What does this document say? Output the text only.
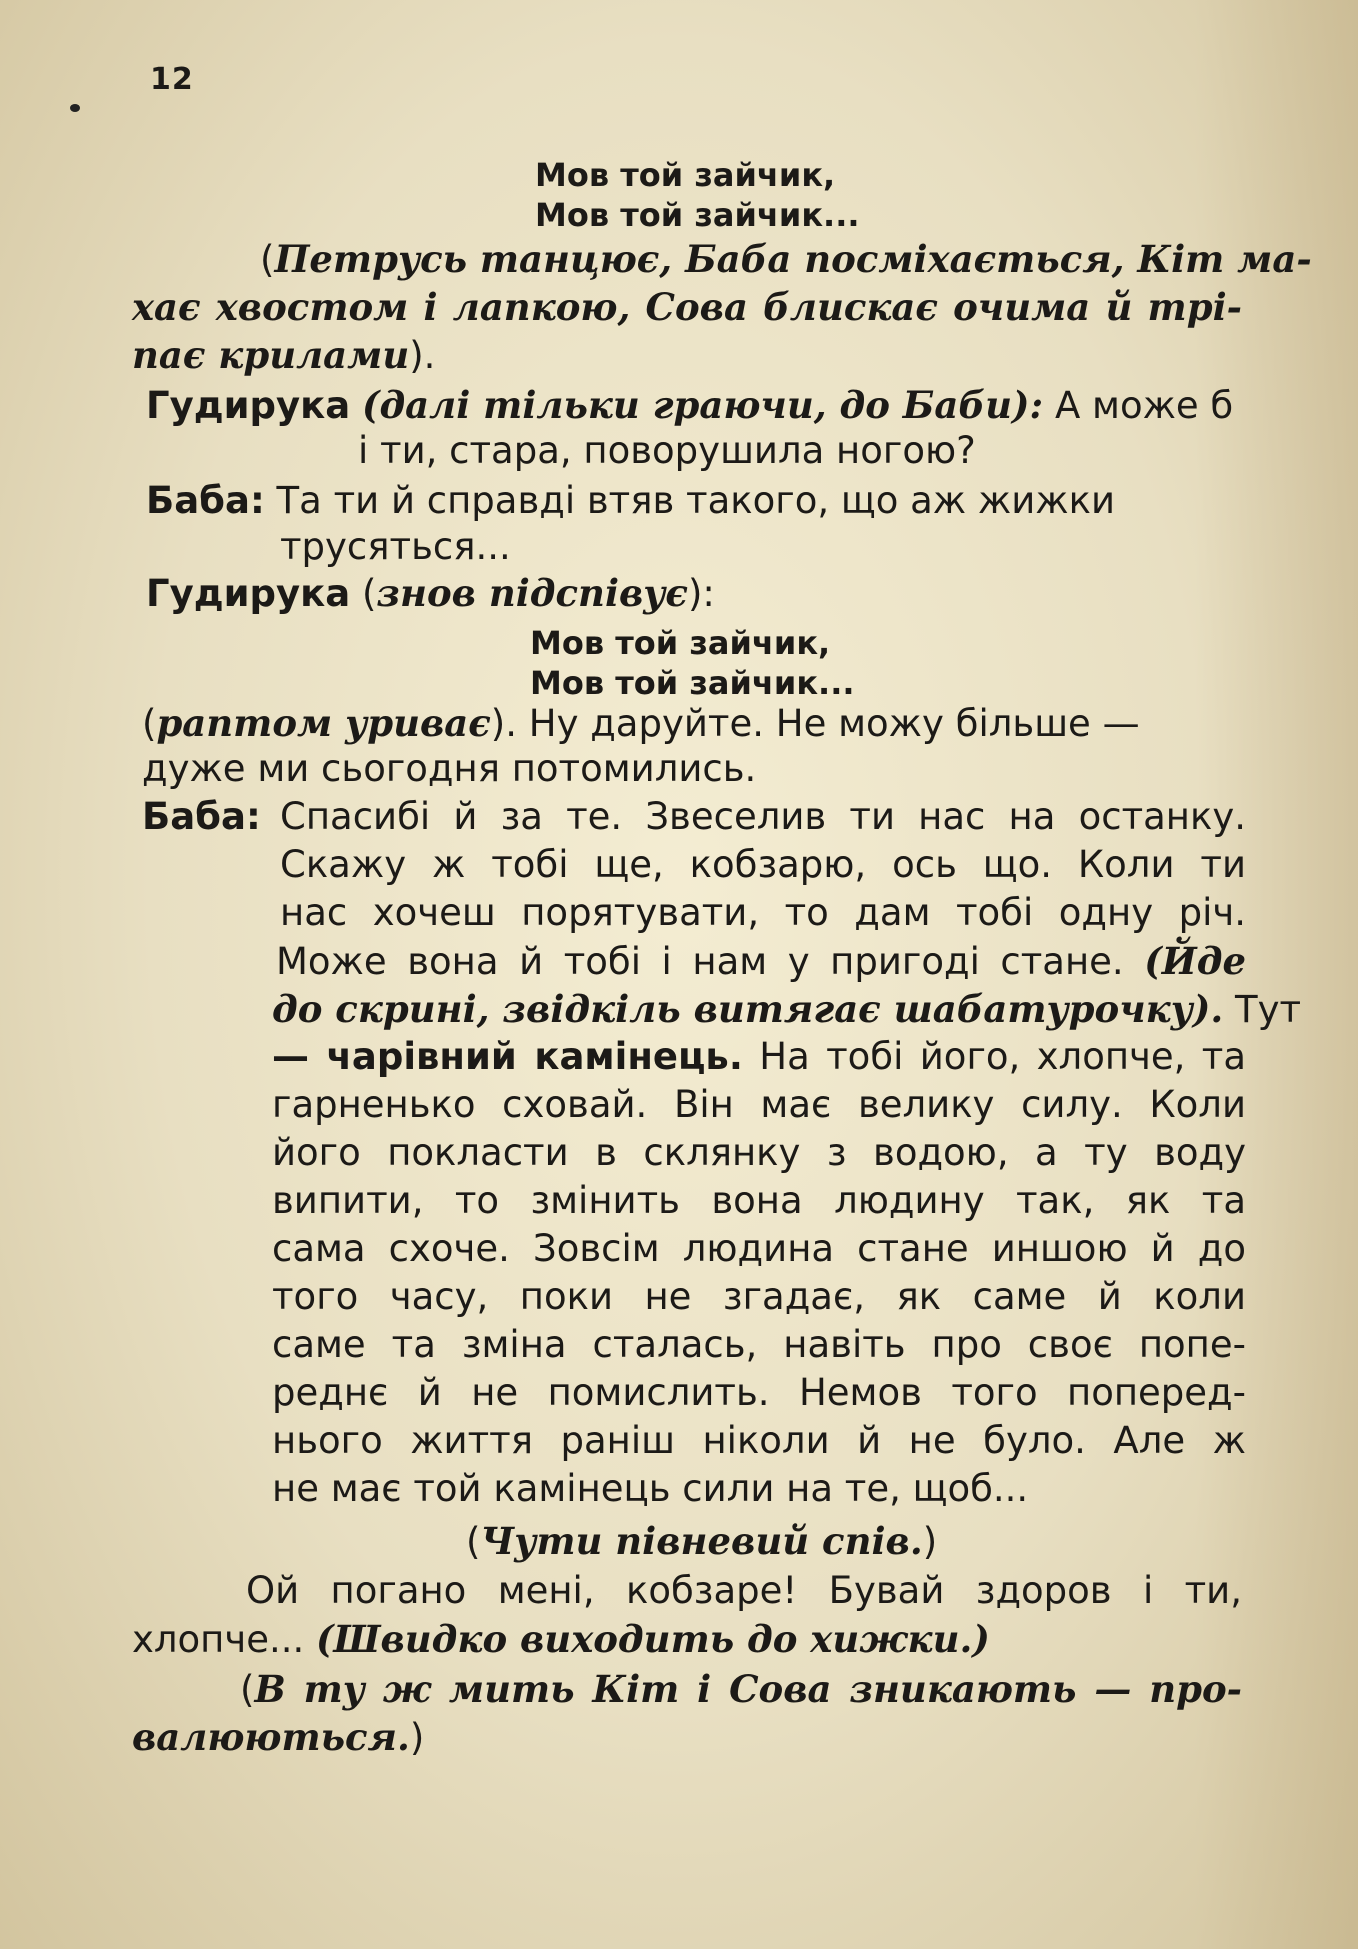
12
Мов той зайчик,
Мов той зайчик...
(Петрусь танцює, Баба посміхається, Кіт ма-
хає хвостом і лапкою, Сова блискає очима й трі-
пає крилами).
Гудирука (далі тільки граючи, до Баби): А може б
і ти, стара, поворушила ногою?
Баба: Та ти й справді втяв такого, що аж жижки
трусяться...
Гудирука (знов підспівує):
Мов той зайчик,
Мов той зайчик...
(раптом уриває). Ну даруйте. Не можу більше —
дуже ми сьогодня потомились.
Баба: Спасибі й за те. Звеселив ти нас на останку.
Скажу ж тобі ще, кобзарю, ось що. Коли ти
нас хочеш порятувати, то дам тобі одну річ.
Може вона й тобі і нам у пригоді стане. (Йде
до скрині, звідкіль витягає шабатурочку). Тут
— чарівний камінець. На тобі його, хлопче, та
гарненько сховай. Він має велику силу. Коли
його покласти в склянку з водою, а ту воду
випити, то змінить вона людину так, як та
сама схоче. Зовсім людина стане иншою й до
того часу, поки не згадає, як саме й коли
саме та зміна сталась, навіть про своє попе-
реднє й не помислить. Немов того поперед-
нього життя раніш ніколи й не було. Але ж
не має той камінець сили на те, щоб...
(Чути півневий спів.)
Ой погано мені, кобзаре! Бувай здоров і ти,
хлопче... (Швидко виходить до хижки.)
(В ту ж мить Кіт і Сова зникають — про-
валюються.)
